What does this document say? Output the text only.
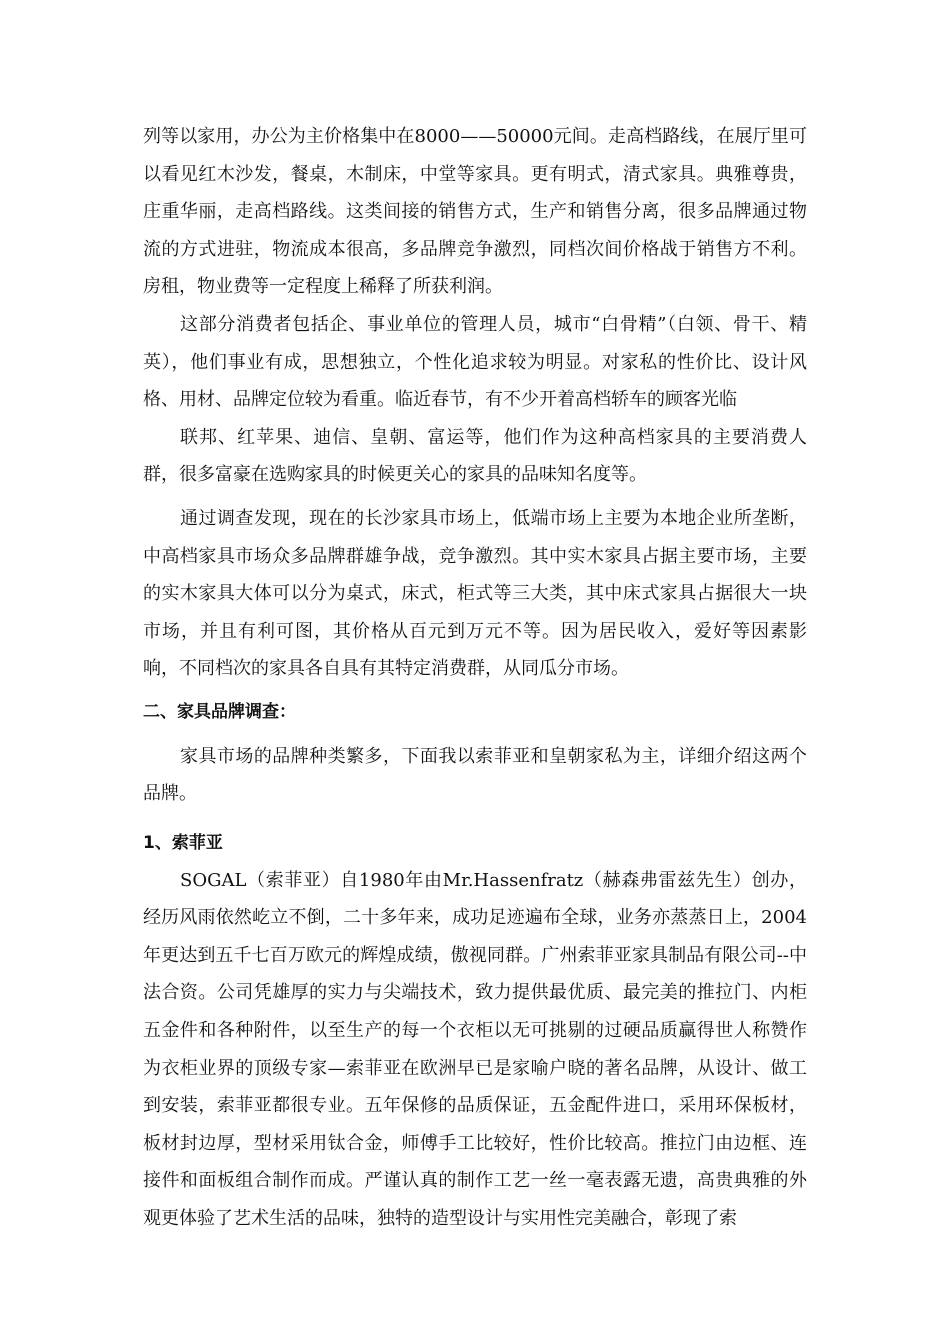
列等以家用，办公为主价格集中在8000——50000元间。走高档路线，在展厅里可以看见红木沙发，餐桌，木制床，中堂等家具。更有明式，清式家具。典雅尊贵，庄重华丽，走高档路线。这类间接的销售方式，生产和销售分离，很多品牌通过物流的方式进驻，物流成本很高，多品牌竞争激烈，同档次间价格战于销售方不利。房租，物业费等一定程度上稀释了所获利润。

这部分消费者包括企、事业单位的管理人员，城市“白骨精”（白领、骨干、精英），他们事业有成，思想独立，个性化追求较为明显。对家私的性价比、设计风格、用材、品牌定位较为看重。临近春节，有不少开着高档轿车的顾客光临

联邦、红苹果、迪信、皇朝、富运等，他们作为这种高档家具的主要消费人群，很多富豪在选购家具的时候更关心的家具的品味知名度等。

通过调查发现，现在的长沙家具市场上，低端市场上主要为本地企业所垄断，中高档家具市场众多品牌群雄争战，竞争激烈。其中实木家具占据主要市场，主要的实木家具大体可以分为桌式，床式，柜式等三大类，其中床式家具占据很大一块市场，并且有利可图，其价格从百元到万元不等。因为居民收入，爱好等因素影响，不同档次的家具各自具有其特定消费群，从同瓜分市场。

二、家具品牌调查：

家具市场的品牌种类繁多，下面我以索菲亚和皇朝家私为主，详细介绍这两个品牌。

1、索菲亚

SOGAL（索菲亚）自1980年由Mr.Hassenfratz（赫森弗雷兹先生）创办，经历风雨依然屹立不倒，二十多年来，成功足迹遍布全球，业务亦蒸蒸日上，2004年更达到五千七百万欧元的辉煌成绩，傲视同群。广州索菲亚家具制品有限公司--中法合资。公司凭雄厚的实力与尖端技术，致力提供最优质、最完美的推拉门、内柜五金件和各种附件，以至生产的每一个衣柜以无可挑剔的过硬品质赢得世人称赞作为衣柜业界的顶级专家—索菲亚在欧洲早已是家喻户晓的著名品牌，从设计、做工到安装，索菲亚都很专业。五年保修的品质保证，五金配件进口，采用环保板材，板材封边厚，型材采用钛合金，师傅手工比较好，性价比较高。推拉门由边框、连接件和面板组合制作而成。严谨认真的制作工艺一丝一毫表露无遗，高贵典雅的外观更体验了艺术生活的品味，独特的造型设计与实用性完美融合，彰现了索
